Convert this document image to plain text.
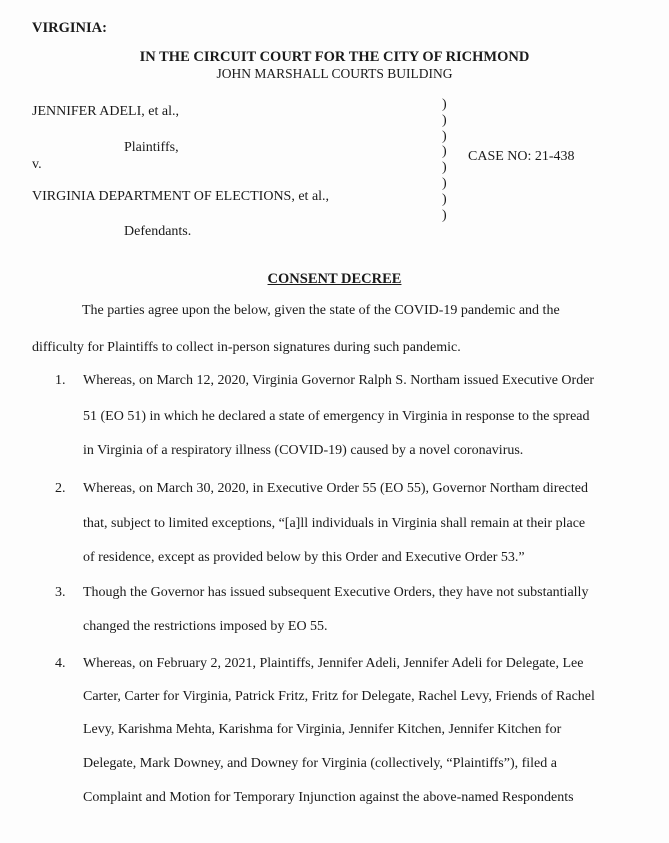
VIRGINIA:
IN THE CIRCUIT COURT FOR THE CITY OF RICHMOND
JOHN MARSHALL COURTS BUILDING
JENNIFER ADELI, et al.,
Plaintiffs,
v.
VIRGINIA DEPARTMENT OF ELECTIONS, et al.,
Defendants.
)
)
)
)
)
)
)
)
CASE NO: 21-438
CONSENT DECREE
The parties agree upon the below, given the state of the COVID-19 pandemic and the
difficulty for Plaintiffs to collect in-person signatures during such pandemic.
1. Whereas, on March 12, 2020, Virginia Governor Ralph S. Northam issued Executive Order
51 (EO 51) in which he declared a state of emergency in Virginia in response to the spread
in Virginia of a respiratory illness (COVID-19) caused by a novel coronavirus.
2. Whereas, on March 30, 2020, in Executive Order 55 (EO 55), Governor Northam directed
that, subject to limited exceptions, “[a]ll individuals in Virginia shall remain at their place
of residence, except as provided below by this Order and Executive Order 53.”
3. Though the Governor has issued subsequent Executive Orders, they have not substantially
changed the restrictions imposed by EO 55.
4. Whereas, on February 2, 2021, Plaintiffs, Jennifer Adeli, Jennifer Adeli for Delegate, Lee
Carter, Carter for Virginia, Patrick Fritz, Fritz for Delegate, Rachel Levy, Friends of Rachel
Levy, Karishma Mehta, Karishma for Virginia, Jennifer Kitchen, Jennifer Kitchen for
Delegate, Mark Downey, and Downey for Virginia (collectively, “Plaintiffs”), filed a
Complaint and Motion for Temporary Injunction against the above-named Respondents
